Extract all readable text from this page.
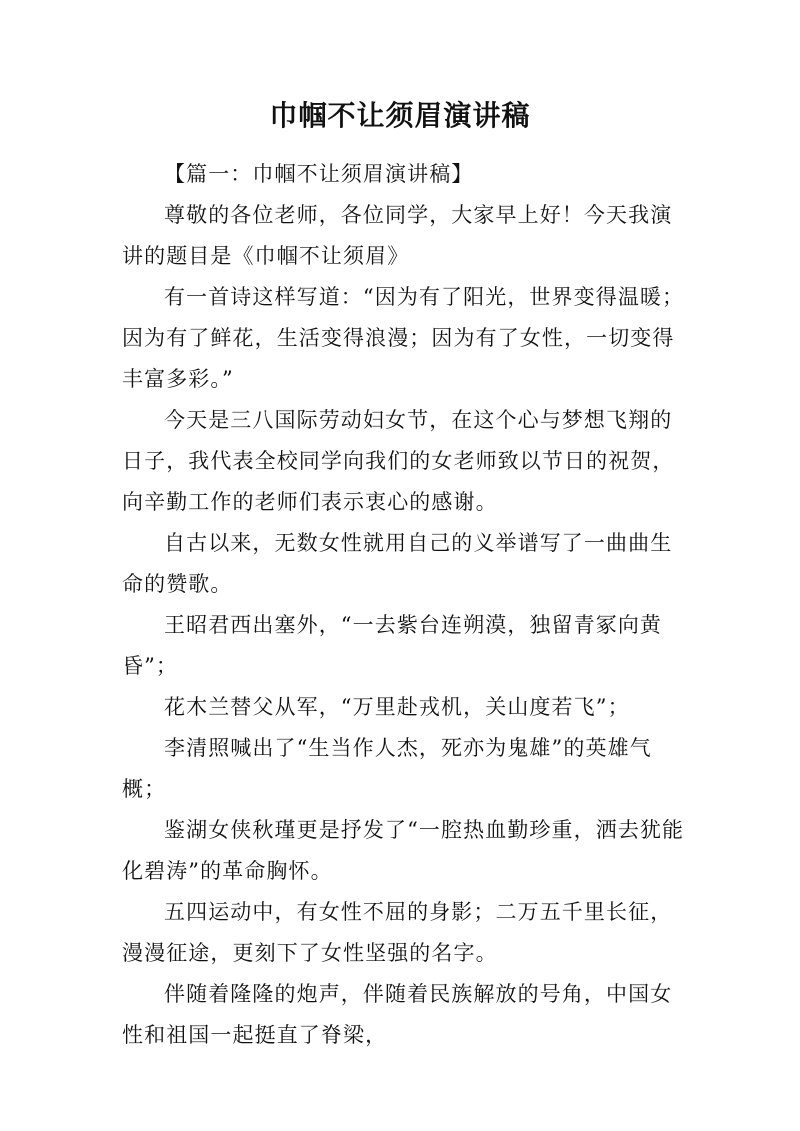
巾帼不让须眉演讲稿

【篇一：巾帼不让须眉演讲稿】

尊敬的各位老师，各位同学，大家早上好！今天我演讲的题目是《巾帼不让须眉》

有一首诗这样写道：“因为有了阳光，世界变得温暖；因为有了鲜花，生活变得浪漫；因为有了女性，一切变得丰富多彩。”

今天是三八国际劳动妇女节，在这个心与梦想飞翔的日子，我代表全校同学向我们的女老师致以节日的祝贺，向辛勤工作的老师们表示衷心的感谢。

自古以来，无数女性就用自己的义举谱写了一曲曲生命的赞歌。

王昭君西出塞外，“一去紫台连朔漠，独留青冢向黄昏”；

花木兰替父从军，“万里赴戎机，关山度若飞”；

李清照喊出了“生当作人杰，死亦为鬼雄”的英雄气概；

鉴湖女侠秋瑾更是抒发了“一腔热血勤珍重，洒去犹能化碧涛”的革命胸怀。

五四运动中，有女性不屈的身影；二万五千里长征，漫漫征途，更刻下了女性坚强的名字。

伴随着隆隆的炮声，伴随着民族解放的号角，中国女性和祖国一起挺直了脊梁，
